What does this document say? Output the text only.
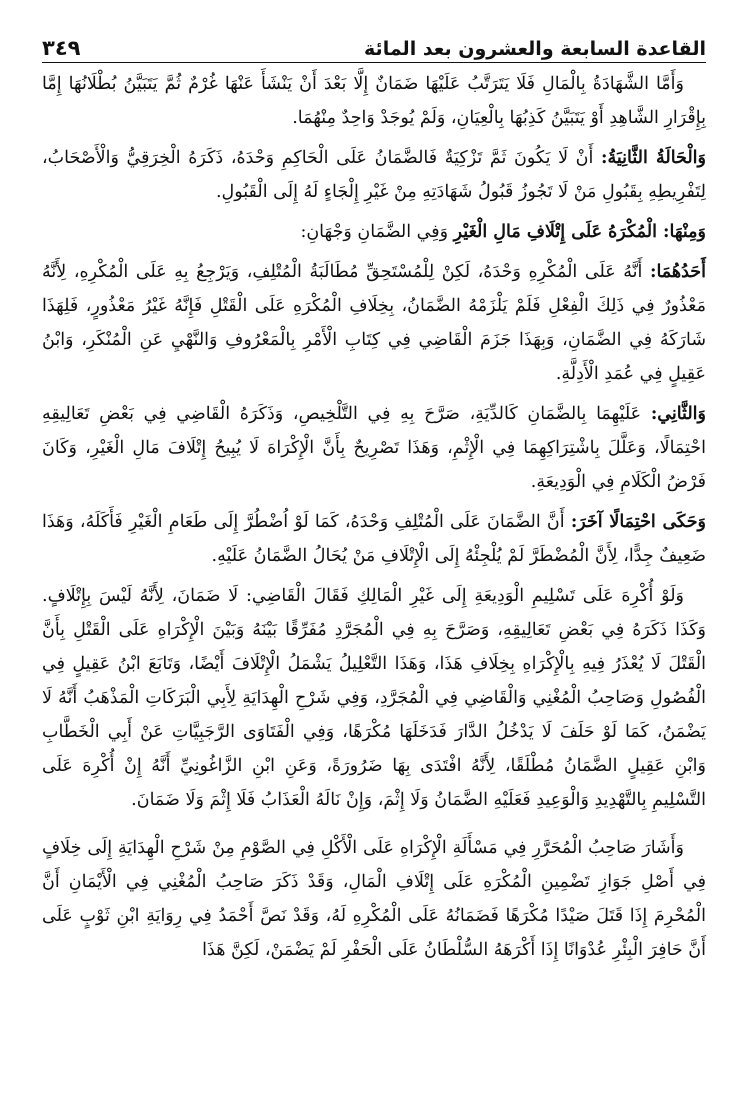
القاعدة السابعة والعشرون بعد المائة
٣٤٩

وَأَمَّا الشَّهَادَةُ بِالْمَالِ فَلَا يَتَرَتَّبُ عَلَيْهَا ضَمَانٌ إِلَّا بَعْدَ أَنْ يَنْشَأَ عَنْهَا غُرْمٌ ثُمَّ يَتَبَيَّنُ بُطْلَانُهَا إِمَّا بِإِقْرَارِ الشَّاهِدِ أَوْ يَتَبَيَّنُ كَذِبُهَا بِالْعِيَانِ، وَلَمْ يُوجَدْ وَاحِدٌ مِنْهُمَا.

وَالْحَالَةُ الثَّانِيَةُ: أَنْ لَا يَكُونَ ثَمَّ تَزْكِيَةٌ فَالضَّمَانُ عَلَى الْحَاكِمِ وَحْدَهُ، ذَكَرَهُ الْخِرَقِيُّ وَالْأَصْحَابُ، لِتَفْرِيطِهِ بِقَبُولِ مَنْ لَا تَجُوزُ قَبُولُ شَهَادَتِهِ مِنْ غَيْرِ إِلْجَاءٍ لَهُ إِلَى الْقَبُولِ.

وَمِنْهَا: الْمُكْرَهُ عَلَى إِتْلَافِ مَالِ الْغَيْرِ وَفِي الضَّمَانِ وَجْهَانِ:

أَحَدُهُمَا: أَنَّهُ عَلَى الْمُكْرِهِ وَحْدَهُ، لَكِنْ لِلْمُسْتَحِقِّ مُطَالَبَةُ الْمُتْلِفِ، وَيَرْجِعُ بِهِ عَلَى الْمُكْرِهِ، لِأَنَّهُ مَعْذُورٌ فِي ذَلِكَ الْفِعْلِ فَلَمْ يَلْزَمْهُ الضَّمَانُ، بِخِلَافِ الْمُكْرَهِ عَلَى الْقَتْلِ فَإِنَّهُ غَيْرُ مَعْذُورٍ، فَلِهَذَا شَارَكَهُ فِي الضَّمَانِ، وَبِهَذَا جَزَمَ الْقَاضِي فِي كِتَابِ الْأَمْرِ بِالْمَعْرُوفِ وَالنَّهْيِ عَنِ الْمُنْكَرِ، وَابْنُ عَقِيلٍ فِي عُمَدِ الْأَدِلَّةِ.

وَالثَّانِي: عَلَيْهِمَا بِالضَّمَانِ كَالدِّيَةِ، صَرَّحَ بِهِ فِي التَّلْخِيصِ، وَذَكَرَهُ الْقَاضِي فِي بَعْضِ تَعَالِيقِهِ احْتِمَالًا، وَعَلَّلَ بِاشْتِرَاكِهِمَا فِي الْإِثْمِ، وَهَذَا تَصْرِيحٌ بِأَنَّ الْإِكْرَاهَ لَا يُبِيحُ إِتْلَافَ مَالِ الْغَيْرِ، وَكَانَ فَرْضُ الْكَلَامِ فِي الْوَدِيعَةِ.

وَحَكَى احْتِمَالًا آخَرَ: أَنَّ الضَّمَانَ عَلَى الْمُتْلِفِ وَحْدَهُ، كَمَا لَوْ اُضْطُرَّ إِلَى طَعَامِ الْغَيْرِ فَأَكَلَهُ، وَهَذَا ضَعِيفٌ جِدًّا، لِأَنَّ الْمُضْطَرَّ لَمْ يُلْجِئْهُ إِلَى الْإِتْلَافِ مَنْ يُحَالُ الضَّمَانُ عَلَيْهِ.

وَلَوْ أُكْرِهَ عَلَى تَسْلِيمِ الْوَدِيعَةِ إِلَى غَيْرِ الْمَالِكِ فَقَالَ الْقَاضِي: لَا ضَمَانَ، لِأَنَّهُ لَيْسَ بِإِتْلَافٍ. وَكَذَا ذَكَرَهُ فِي بَعْضِ تَعَالِيقِهِ، وَصَرَّحَ بِهِ فِي الْمُجَرَّدِ مُفَرِّقًا بَيْنَهُ وَبَيْنَ الْإِكْرَاهِ عَلَى الْقَتْلِ بِأَنَّ الْقَتْلَ لَا يُعْذَرُ فِيهِ بِالْإِكْرَاهِ بِخِلَافِ هَذَا، وَهَذَا التَّعْلِيلُ يَشْمَلُ الْإِتْلَافَ أَيْضًا، وَتَابَعَ ابْنُ عَقِيلٍ فِي الْفُصُولِ وَصَاحِبُ الْمُغْنِي وَالْقَاضِي فِي الْمُجَرَّدِ، وَفِي شَرْحِ الْهِدَايَةِ لِأَبِي الْبَرَكَاتِ الْمَذْهَبُ أَنَّهُ لَا يَضْمَنُ، كَمَا لَوْ حَلَفَ لَا يَدْخُلُ الدَّارَ فَدَخَلَهَا مُكْرَهًا، وَفِي الْفَتَاوَى الرَّجَبِيَّاتِ عَنْ أَبِي الْخَطَّابِ وَابْنِ عَقِيلٍ الضَّمَانُ مُطْلَقًا، لِأَنَّهُ افْتَدَى بِهَا ضَرُورَةً، وَعَنِ ابْنِ الزَّاغُونِيِّ أَنَّهُ إِنْ أُكْرِهَ عَلَى التَّسْلِيمِ بِالتَّهْدِيدِ وَالْوَعِيدِ فَعَلَيْهِ الضَّمَانُ وَلَا إِثْمَ، وَإِنْ نَالَهُ الْعَذَابُ فَلَا إِثْمَ وَلَا ضَمَانَ.

وَأَشَارَ صَاحِبُ الْمُحَرَّرِ فِي مَسْأَلَةِ الْإِكْرَاهِ عَلَى الْأَكْلِ فِي الصَّوْمِ مِنْ شَرْحِ الْهِدَايَةِ إِلَى خِلَافٍ فِي أَصْلِ جَوَازِ تَضْمِينِ الْمُكْرَهِ عَلَى إِتْلَافِ الْمَالِ، وَقَدْ ذَكَرَ صَاحِبُ الْمُغْنِي فِي الْأَيْمَانِ أَنَّ الْمُحْرِمَ إِذَا قَتَلَ صَيْدًا مُكْرَهًا فَضَمَانُهُ عَلَى الْمُكْرِهِ لَهُ، وَقَدْ نَصَّ أَحْمَدُ فِي رِوَايَةِ ابْنِ ثَوْبٍ عَلَى أَنَّ حَافِرَ الْبِئْرِ عُدْوَانًا إِذَا أَكْرَهَهُ السُّلْطَانُ عَلَى الْحَفْرِ لَمْ يَضْمَنْ، لَكِنَّ هَذَا
